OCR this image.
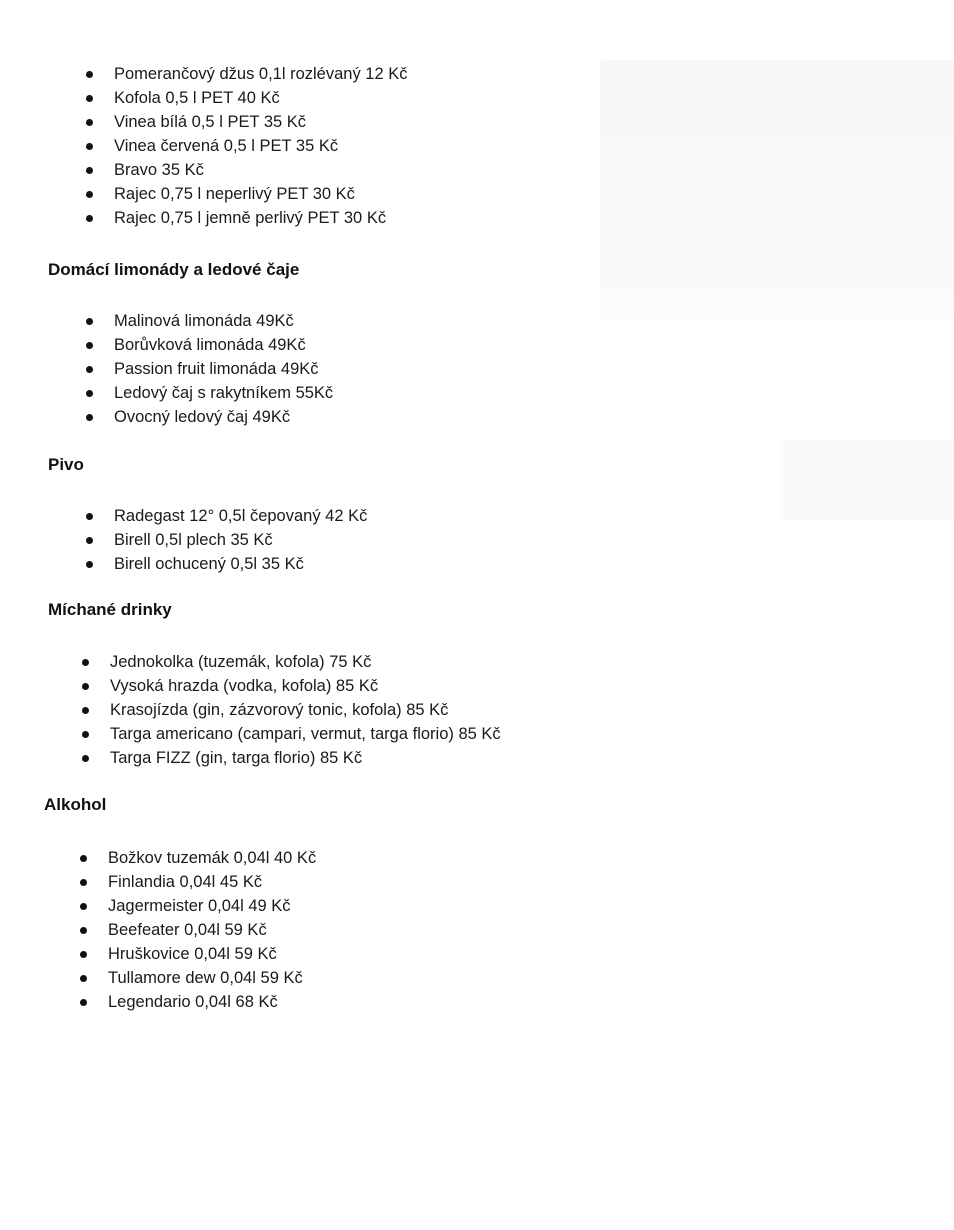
Pomerančový džus 0,1l rozlévaný 12 Kč
Kofola 0,5 l PET 40 Kč
Vinea bílá 0,5 l PET 35 Kč
Vinea červená 0,5 l PET 35 Kč
Bravo 35 Kč
Rajec 0,75 l neperlivý PET 30 Kč
Rajec 0,75 l jemně perlivý PET 30 Kč
Domácí limonády a ledové čaje
Malinová limonáda 49Kč
Borůvková limonáda 49Kč
Passion fruit limonáda 49Kč
Ledový čaj s rakytníkem 55Kč
Ovocný ledový čaj 49Kč
Pivo
Radegast 12° 0,5l čepovaný 42 Kč
Birell 0,5l plech 35 Kč
Birell ochucený 0,5l 35 Kč
Míchané drinky
Jednokolka (tuzemák, kofola) 75 Kč
Vysoká hrazda (vodka, kofola) 85 Kč
Krasojízda (gin, zázvorový tonic, kofola) 85 Kč
Targa americano (campari, vermut, targa florio) 85 Kč
Targa FIZZ (gin, targa florio) 85 Kč
Alkohol
Božkov tuzemák 0,04l 40 Kč
Finlandia 0,04l 45 Kč
Jagermeister 0,04l 49 Kč
Beefeater 0,04l 59 Kč
Hruškovice 0,04l 59 Kč
Tullamore dew 0,04l 59 Kč
Legendario 0,04l 68 Kč
